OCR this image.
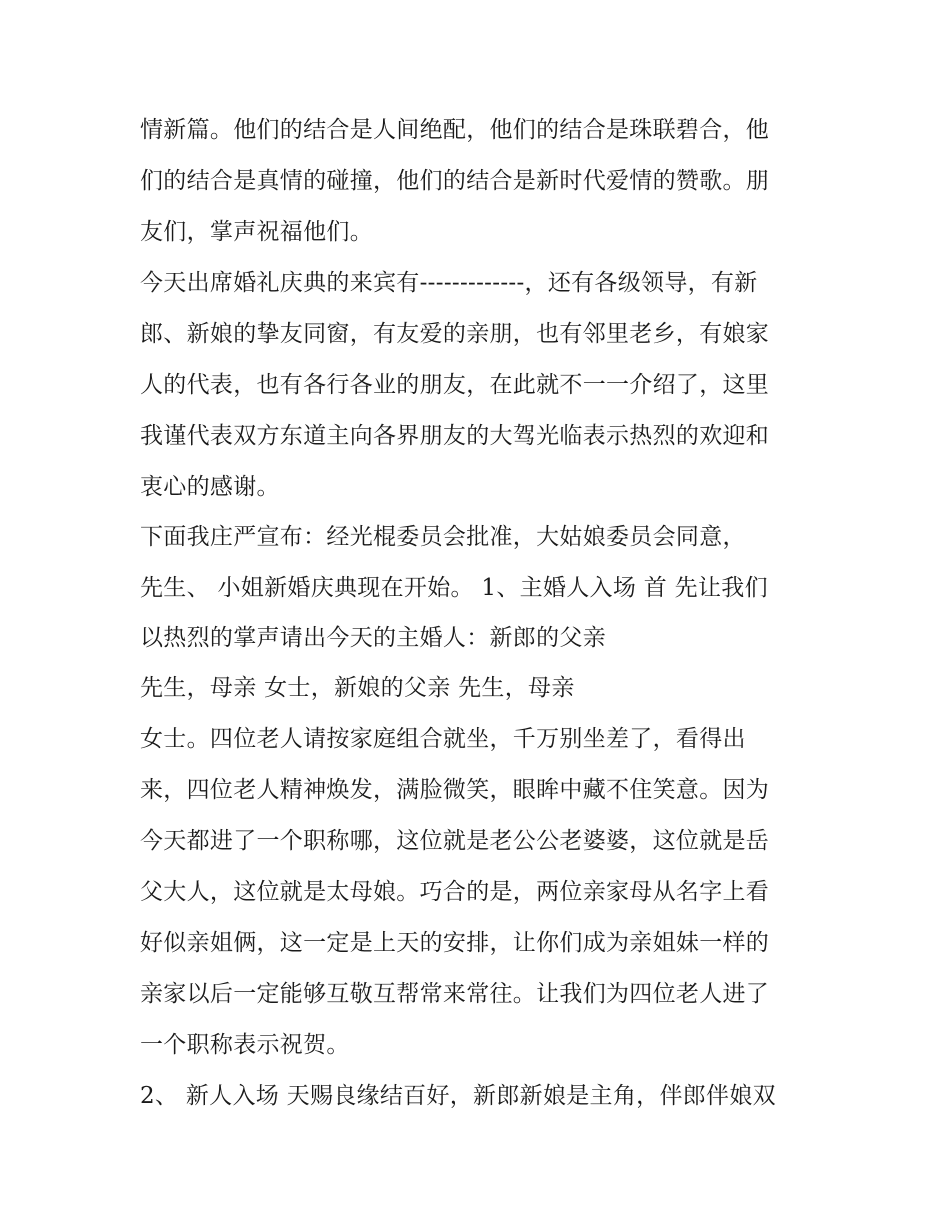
情新篇。他们的结合是人间绝配，他们的结合是珠联碧合，他
们的结合是真情的碰撞，他们的结合是新时代爱情的赞歌。朋
友们，掌声祝福他们。
今天出席婚礼庆典的来宾有-------------，还有各级领导，有新
郎、新娘的挚友同窗，有友爱的亲朋，也有邻里老乡，有娘家
人的代表，也有各行各业的朋友，在此就不一一介绍了，这里
我谨代表双方东道主向各界朋友的大驾光临表示热烈的欢迎和
衷心的感谢。
下面我庄严宣布：经光棍委员会批准，大姑娘委员会同意，
先生、 小姐新婚庆典现在开始。 1、主婚人入场 首 先让我们
以热烈的掌声请出今天的主婚人：新郎的父亲
先生，母亲 女士，新娘的父亲 先生，母亲
女士。四位老人请按家庭组合就坐，千万别坐差了，看得出
来，四位老人精神焕发，满脸微笑，眼眸中藏不住笑意。因为
今天都进了一个职称哪，这位就是老公公老婆婆，这位就是岳
父大人，这位就是太母娘。巧合的是，两位亲家母从名字上看
好似亲姐俩，这一定是上天的安排，让你们成为亲姐妹一样的
亲家以后一定能够互敬互帮常来常往。让我们为四位老人进了
一个职称表示祝贺。
2、 新人入场 天赐良缘结百好，新郎新娘是主角，伴郎伴娘双
